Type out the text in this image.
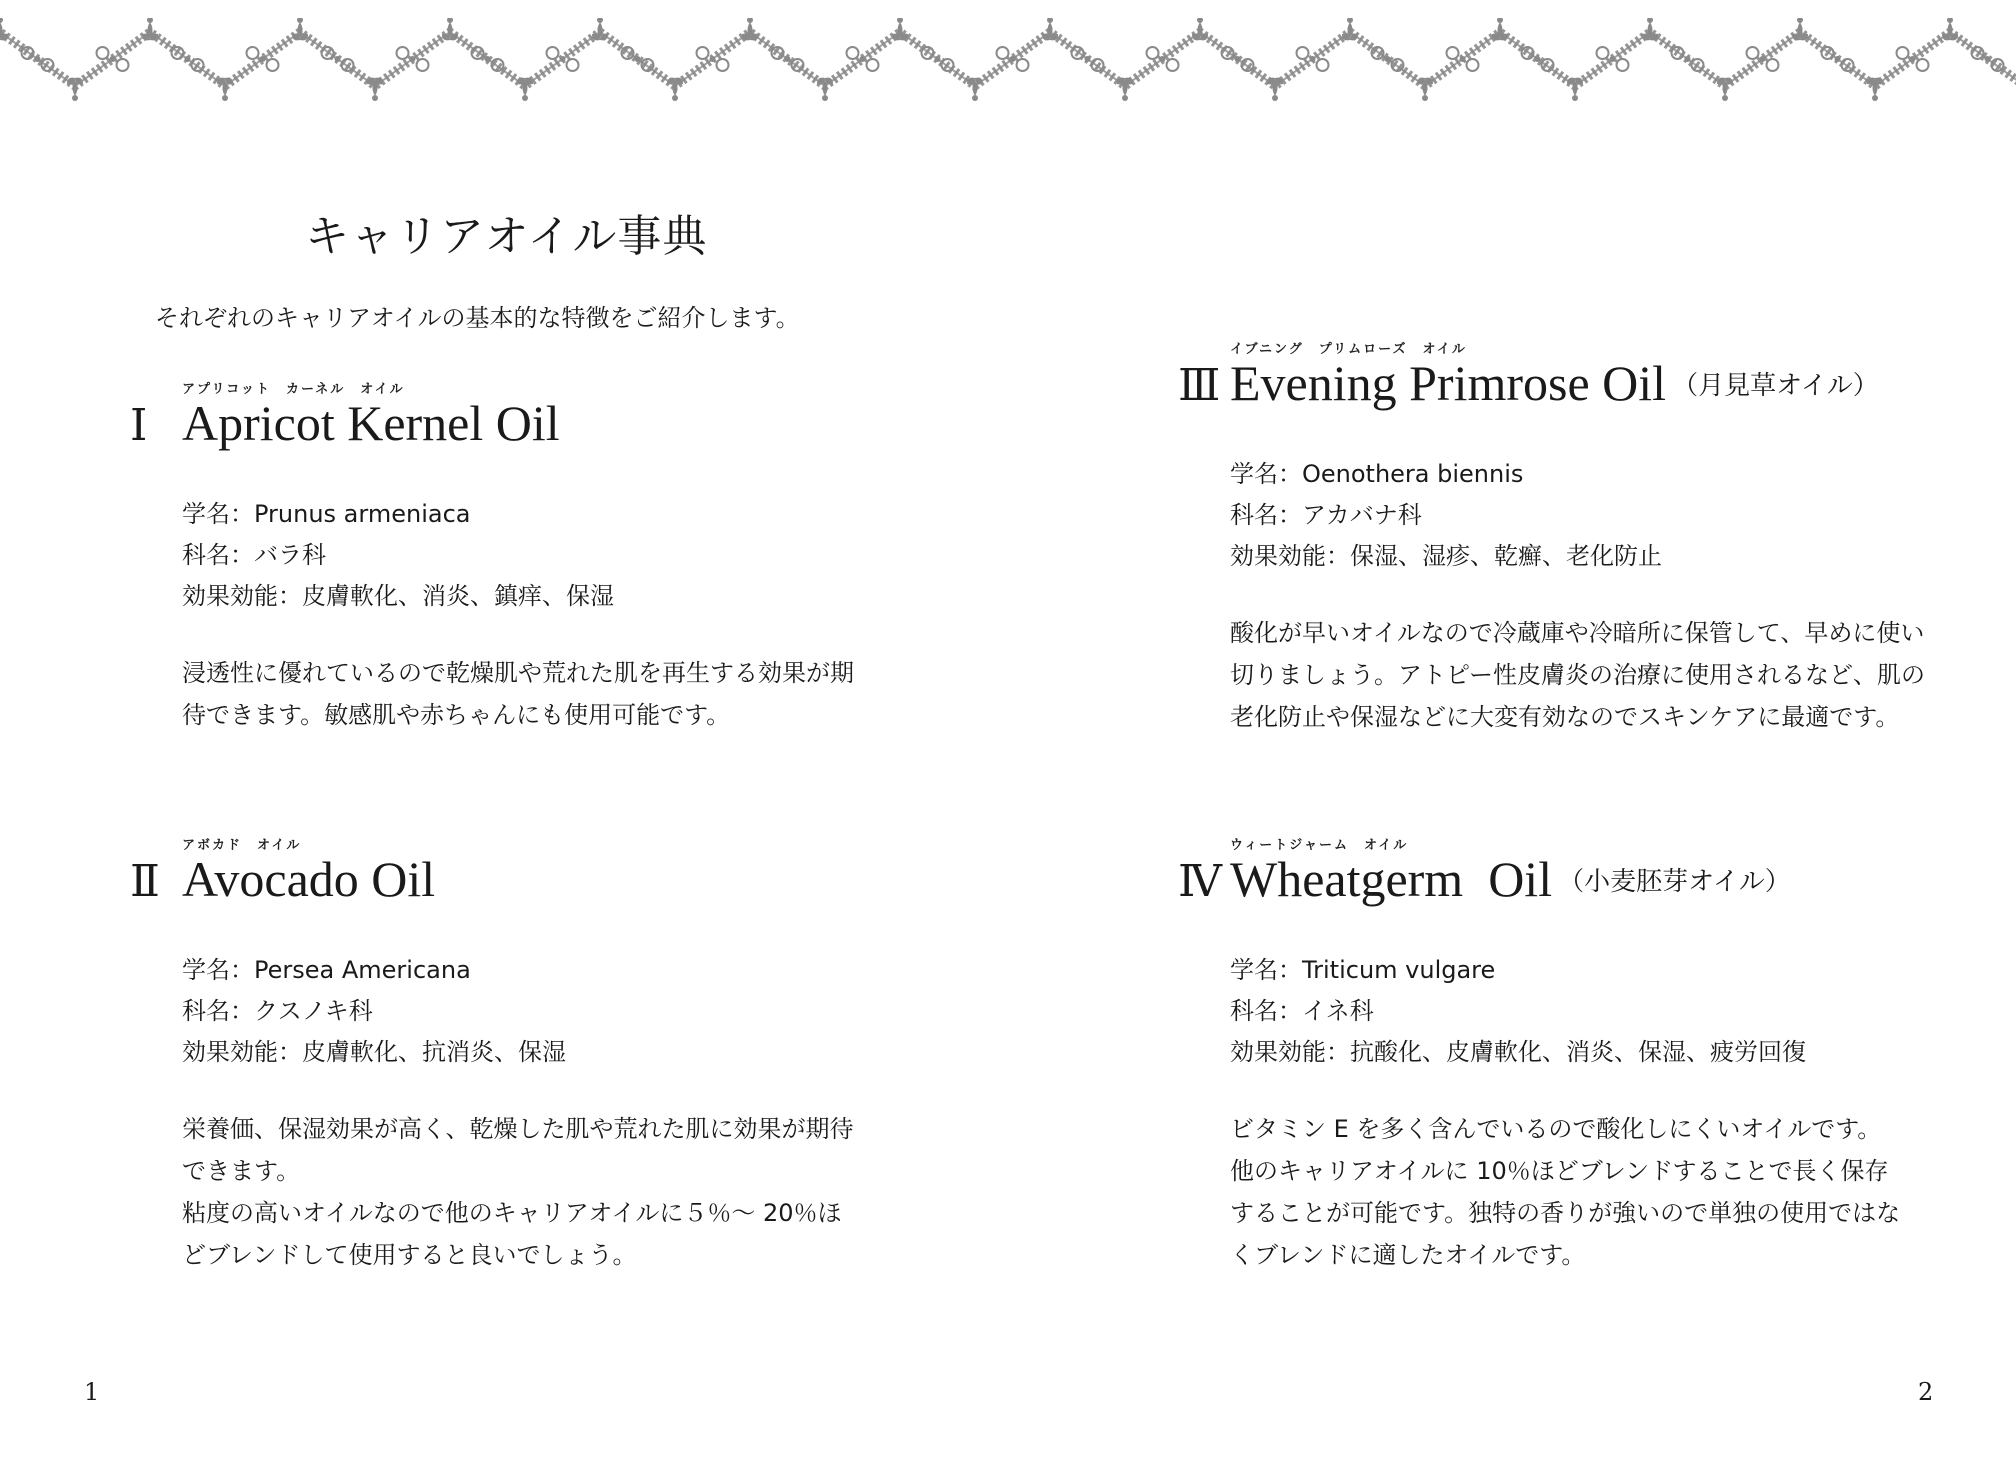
キャリアオイル事典

それぞれのキャリアオイルの基本的な特徴をご紹介します。

アプリコット　カーネル　オイル
Ⅰ Apricot Kernel Oil
学名：Prunus armeniaca
科名：バラ科
効果効能：皮膚軟化、消炎、鎮痒、保湿
浸透性に優れているので乾燥肌や荒れた肌を再生する効果が期
待できます。敏感肌や赤ちゃんにも使用可能です。
アボカド　オイル
Ⅱ Avocado Oil
学名：Persea Americana
科名：クスノキ科
効果効能：皮膚軟化、抗消炎、保湿
栄養価、保湿効果が高く、乾燥した肌や荒れた肌に効果が期待
できます。
粘度の高いオイルなので他のキャリアオイルに５％～ 20％ほ
どブレンドして使用すると良いでしょう。
イブニング　プリムローズ　オイル
Ⅲ Evening Primrose Oil （月見草オイル）
学名：Oenothera biennis
科名：アカバナ科
効果効能：保湿、湿疹、乾癬、老化防止
酸化が早いオイルなので冷蔵庫や冷暗所に保管して、早めに使い
切りましょう。アトピー性皮膚炎の治療に使用されるなど、肌の
老化防止や保湿などに大変有効なのでスキンケアに最適です。
ウィートジャーム　オイル
Ⅳ Wheatgerm  Oil （小麦胚芽オイル）
学名：Triticum vulgare
科名：イネ科
効果効能：抗酸化、皮膚軟化、消炎、保湿、疲労回復
ビタミン E を多く含んでいるので酸化しにくいオイルです。
他のキャリアオイルに 10％ほどブレンドすることで長く保存
することが可能です。独特の香りが強いので単独の使用ではな
くブレンドに適したオイルです。
1	2
